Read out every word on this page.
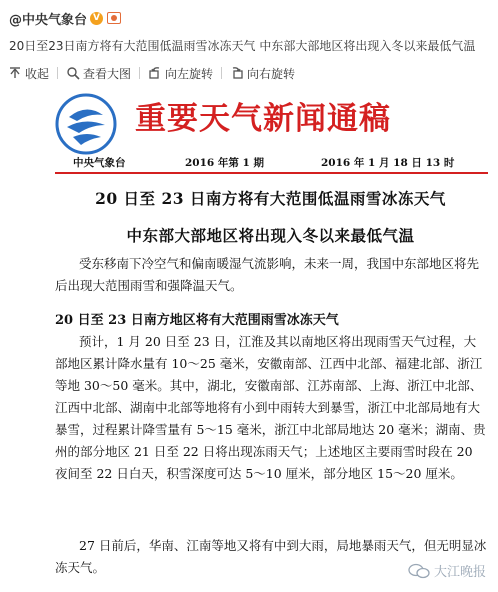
@中央气象台 V
20日至23日南方将有大范围低温雨雪冰冻天气 中东部大部地区将出现入冬以来最低气温
收起	查看大图	向左旋转	向右旋转
重要天气新闻通稿
中央气象台	2016 年第 1 期	2016 年 1 月 18 日 13 时
20 日至 23 日南方将有大范围低温雨雪冰冻天气
中东部大部地区将出现入冬以来最低气温
受东移南下冷空气和偏南暖湿气流影响，未来一周，我国中东部地区将先后出现大范围雨雪和强降温天气。
20 日至 23 日南方地区将有大范围雨雪冰冻天气
预计，1 月 20 日至 23 日，江淮及其以南地区将出现雨雪天气过程，大部地区累计降水量有 10～25 毫米，安徽南部、江西中北部、福建北部、浙江等地 30～50 毫米。其中，湖北，安徽南部、江苏南部、上海、浙江中北部、江西中北部、湖南中北部等地将有小到中雨转大到暴雪，浙江中北部局地有大暴雪，过程累计降雪量有 5～15 毫米，浙江中北部局地达 20 毫米；湖南、贵州的部分地区 21 日至 22 日将出现冻雨天气；上述地区主要雨雪时段在 20 夜间至 22 日白天，积雪深度可达 5～10 厘米，部分地区 15～20 厘米。
27 日前后，华南、江南等地又将有中到大雨，局地暴雨天气，但无明显冰冻天气。	大江晚报
